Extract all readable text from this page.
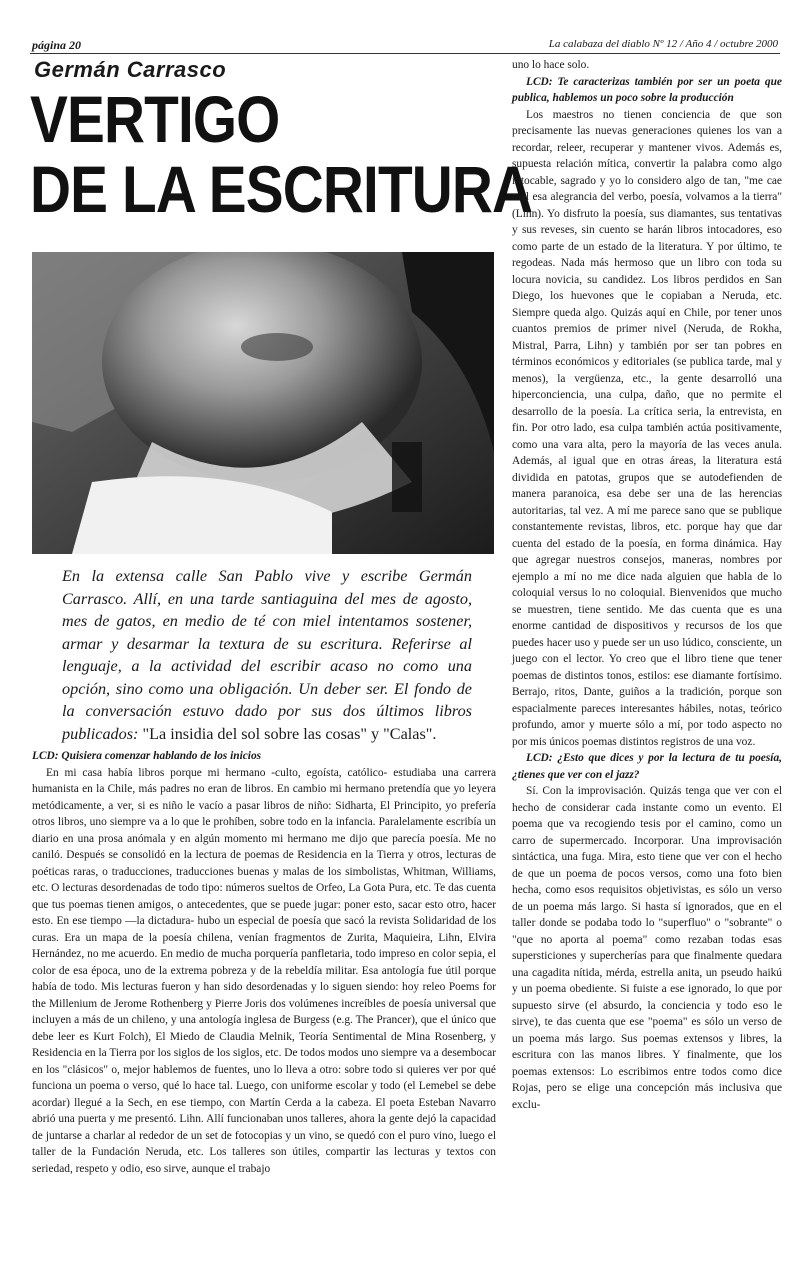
página 20	La calabaza del diablo Nº 12 / Año 4 / octubre 2000
Germán Carrasco
VERTIGO
DE LA ESCRITURA
En la extensa calle San Pablo vive y escribe Germán Carrasco. Allí, en una tarde santiaguina del mes de agosto, mes de gatos, en medio de té con miel intentamos sostener, armar y desarmar la textura de su escritura. Referirse al lenguaje, a la actividad del escribir acaso no como una opción, sino como una obligación. Un deber ser. El fondo de la conversación estuvo dado por sus dos últimos libros publicados: "La insidia del sol sobre las cosas" y "Calas".

LCD: Quisiera comenzar hablando de los inicios

En mi casa había libros porque mi hermano -culto, egoísta, católico- estudiaba una carrera humanista en la Chile, más padres no eran de libros. En cambio mi hermano pretendía que yo leyera metódicamente, a ver, si es niño le vacío a pasar libros de niño: Sidharta, El Principito, yo prefería otros libros, uno siempre va a lo que le prohíben, sobre todo en la infancia. Paralelamente escribía un diario en una prosa anómala y en algún momento mi hermano me dijo que parecía poesía. Me no caniló. Después se consolidó en la lectura de poemas de Residencia en la Tierra y otros, lecturas de poéticas raras, o traducciones, traducciones buenas y malas de los simbolistas, Whitman, Williams, etc. O lecturas desordenadas de todo tipo: números sueltos de Orfeo, La Gota Pura, etc. Te das cuenta que tus poemas tienen amigos, o antecedentes, que se puede jugar: poner esto, sacar esto otro, hacer esto. En ese tiempo —la dictadura- hubo un especial de poesía que sacó la revista Solidaridad de los curas. Era un mapa de la poesía chilena, venían fragmentos de Zurita, Maquieira, Lihn, Elvira Hernández, no me acuerdo. En medio de mucha porquería panfletaria, todo impreso en color sepia, el color de esa época, uno de la extrema pobreza y de la rebeldía militar. Esa antología fue útil porque había de todo. Mis lecturas fueron y han sido desordenadas y lo siguen siendo: hoy releo Poems for the Millenium de Jerome Rothenberg y Pierre Joris dos volúmenes increíbles de poesía universal que incluyen a más de un chileno, y una antología inglesa de Burgess (e.g. The Prancer), que el único que debe leer es Kurt Folch), El Miedo de Claudia Melnik, Teoría Sentimental de Mina Rosenberg, y Residencia en la Tierra por los siglos de los siglos, etc. De todos modos uno siempre va a desembocar en los "clásicos" o, mejor hablemos de fuentes, uno lo lleva a otro: sobre todo si quieres ver por qué funciona un poema o verso, qué lo hace tal. Luego, con uniforme escolar y todo (el Lemebel se debe acordar) llegué a la Sech, en ese tiempo, con Martín Cerda a la cabeza. El poeta Esteban Navarro abrió una puerta y me presentó. Lihn. Allí funcionaban unos talleres, ahora la gente dejó la capacidad de juntarse a charlar al rededor de un set de fotocopias y un vino, se quedó con el puro vino, luego el taller de la Fundación Neruda, etc. Los talleres son útiles, compartir las lecturas y textos con seriedad, respeto y odio, eso sirve, aunque el trabajo

uno lo hace solo.

LCD: Te caracterizas también por ser un poeta que publica, hablemos un poco sobre la producción

Los maestros no tienen conciencia de que son precisamente las nuevas generaciones quienes los van a recordar, releer, recuperar y mantener vivos. Además es, supuesta relación mítica, convertir la palabra como algo intocable, sagrado y yo lo considero algo de tan, "me cae mal esa alegrancia del verbo, poesía, volvamos a la tierra" (Lihn). Yo disfruto la poesía, sus diamantes, sus tentativas y sus reveses, sin cuento se harán libros intocadores, eso como parte de un estado de la literatura. Y por último, te regodeas. Nada más hermoso que un libro con toda su locura novicia, su candidez. Los libros perdidos en San Diego, los huevones que le copiaban a Neruda, etc. Siempre queda algo. Quizás aquí en Chile, por tener unos cuantos premios de primer nivel (Neruda, de Rokha, Mistral, Parra, Lihn) y también por ser tan pobres en términos económicos y editoriales (se publica tarde, mal y menos), la vergüenza, etc., la gente desarrolló una hiperconciencia, una culpa, daño, que no permite el desarrollo de la poesía. La crítica seria, la entrevista, en fin. Por otro lado, esa culpa también actúa positivamente, como una vara alta, pero la mayoría de las veces anula. Además, al igual que en otras áreas, la literatura está dividida en patotas, grupos que se autodefienden de manera paranoica, esa debe ser una de las herencias autoritarias, tal vez. A mí me parece sano que se publique constantemente revistas, libros, etc. porque hay que dar cuenta del estado de la poesía, en forma dinámica. Hay que agregar nuestros consejos, maneras, nombres por ejemplo a mí no me dice nada alguien que habla de lo coloquial versus lo no coloquial. Bienvenidos que mucho se muestren, tiene sentido. Me das cuenta que es una enorme cantidad de dispositivos y recursos de los que puedes hacer uso y puede ser un uso lúdico, consciente, un juego con el lector. Yo creo que el libro tiene que tener poemas de distintos tonos, estilos: ese diamante fortísimo. Berrajo, ritos, Dante, guiños a la tradición, porque son espacialmente pareces interesantes hábiles, notas, teórico profundo, amor y muerte sólo a mí, por todo aspecto no por mis únicos poemas distintos registros de una voz.

LCD: ¿Esto que dices y por la lectura de tu poesía, ¿tienes que ver con el jazz?

Sí. Con la improvisación. Quizás tenga que ver con el hecho de considerar cada instante como un evento. El poema que va recogiendo tesis por el camino, como un carro de supermercado. Incorporar. Una improvisación sintáctica, una fuga. Mira, esto tiene que ver con el hecho de que un poema de pocos versos, como una foto bien hecha, como esos requisitos objetivistas, es sólo un verso de un poema más largo. Si hasta sí ignorados, que en el taller donde se podaba todo lo "superfluo" o "sobrante" o "que no aporta al poema" como rezaban todas esas supersticiones y supercherías para que finalmente quedara una cagadita nítida, mérda, estrella anita, un pseudo haikú y un poema obediente. Si fuiste a ese ignorado, lo que por supuesto sirve (el absurdo, la conciencia y todo eso le sirve), te das cuenta que ese "poema" es sólo un verso de un poema más largo. Sus poemas extensos y libres, la escritura con las manos libres. Y finalmente, que los poemas extensos: Lo escribimos entre todos como dice Rojas, pero se elige una concepción más inclusiva que exclu-
